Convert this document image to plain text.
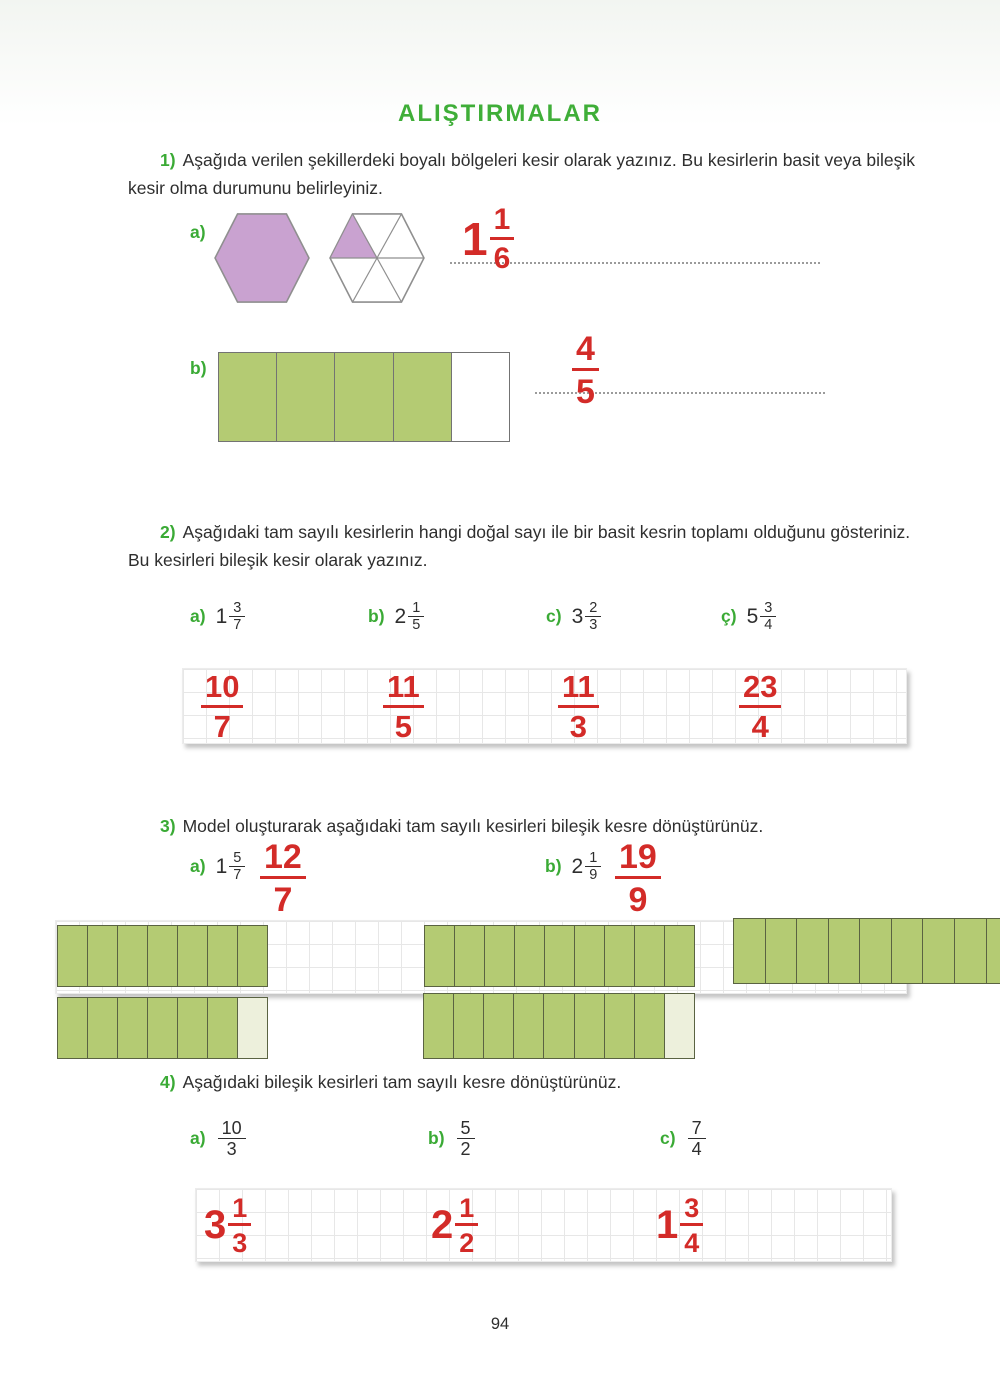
ALIŞTIRMALAR

1) Aşağıda verilen şekillerdeki boyalı bölgeleri kesir olarak yazınız. Bu kesirlerin basit veya bileşik kesir olma durumunu belirleyiniz.

a)	$1 \frac{1}{6}$
b)	$\frac{4}{5}$

2) Aşağıdaki tam sayılı kesirlerin hangi doğal sayı ile bir basit kesrin toplamı olduğunu gösteriniz. Bu kesirleri bileşik kesir olarak yazınız.

a) $1 \frac{3}{7}$	b) $2 \frac{1}{5}$	c) $3 \frac{2}{3}$	ç) $5 \frac{3}{4}$
$\frac{10}{7}$	$\frac{11}{5}$	$\frac{11}{3}$	$\frac{23}{4}$

3) Model oluşturarak aşağıdaki tam sayılı kesirleri bileşik kesre dönüştürünüz.

a) $1 \frac{5}{7} \frac{12}{7}$	b) $2 \frac{1}{9} \frac{19}{9}$

4) Aşağıdaki bileşik kesirleri tam sayılı kesre dönüştürünüz.

$a) \frac{10}{3}$	$b) \frac{5}{2}$	$c) \frac{7}{4}$
$3 \frac{1}{3}$	$2 \frac{1}{2}$	$1 \frac{3}{4}$
94
